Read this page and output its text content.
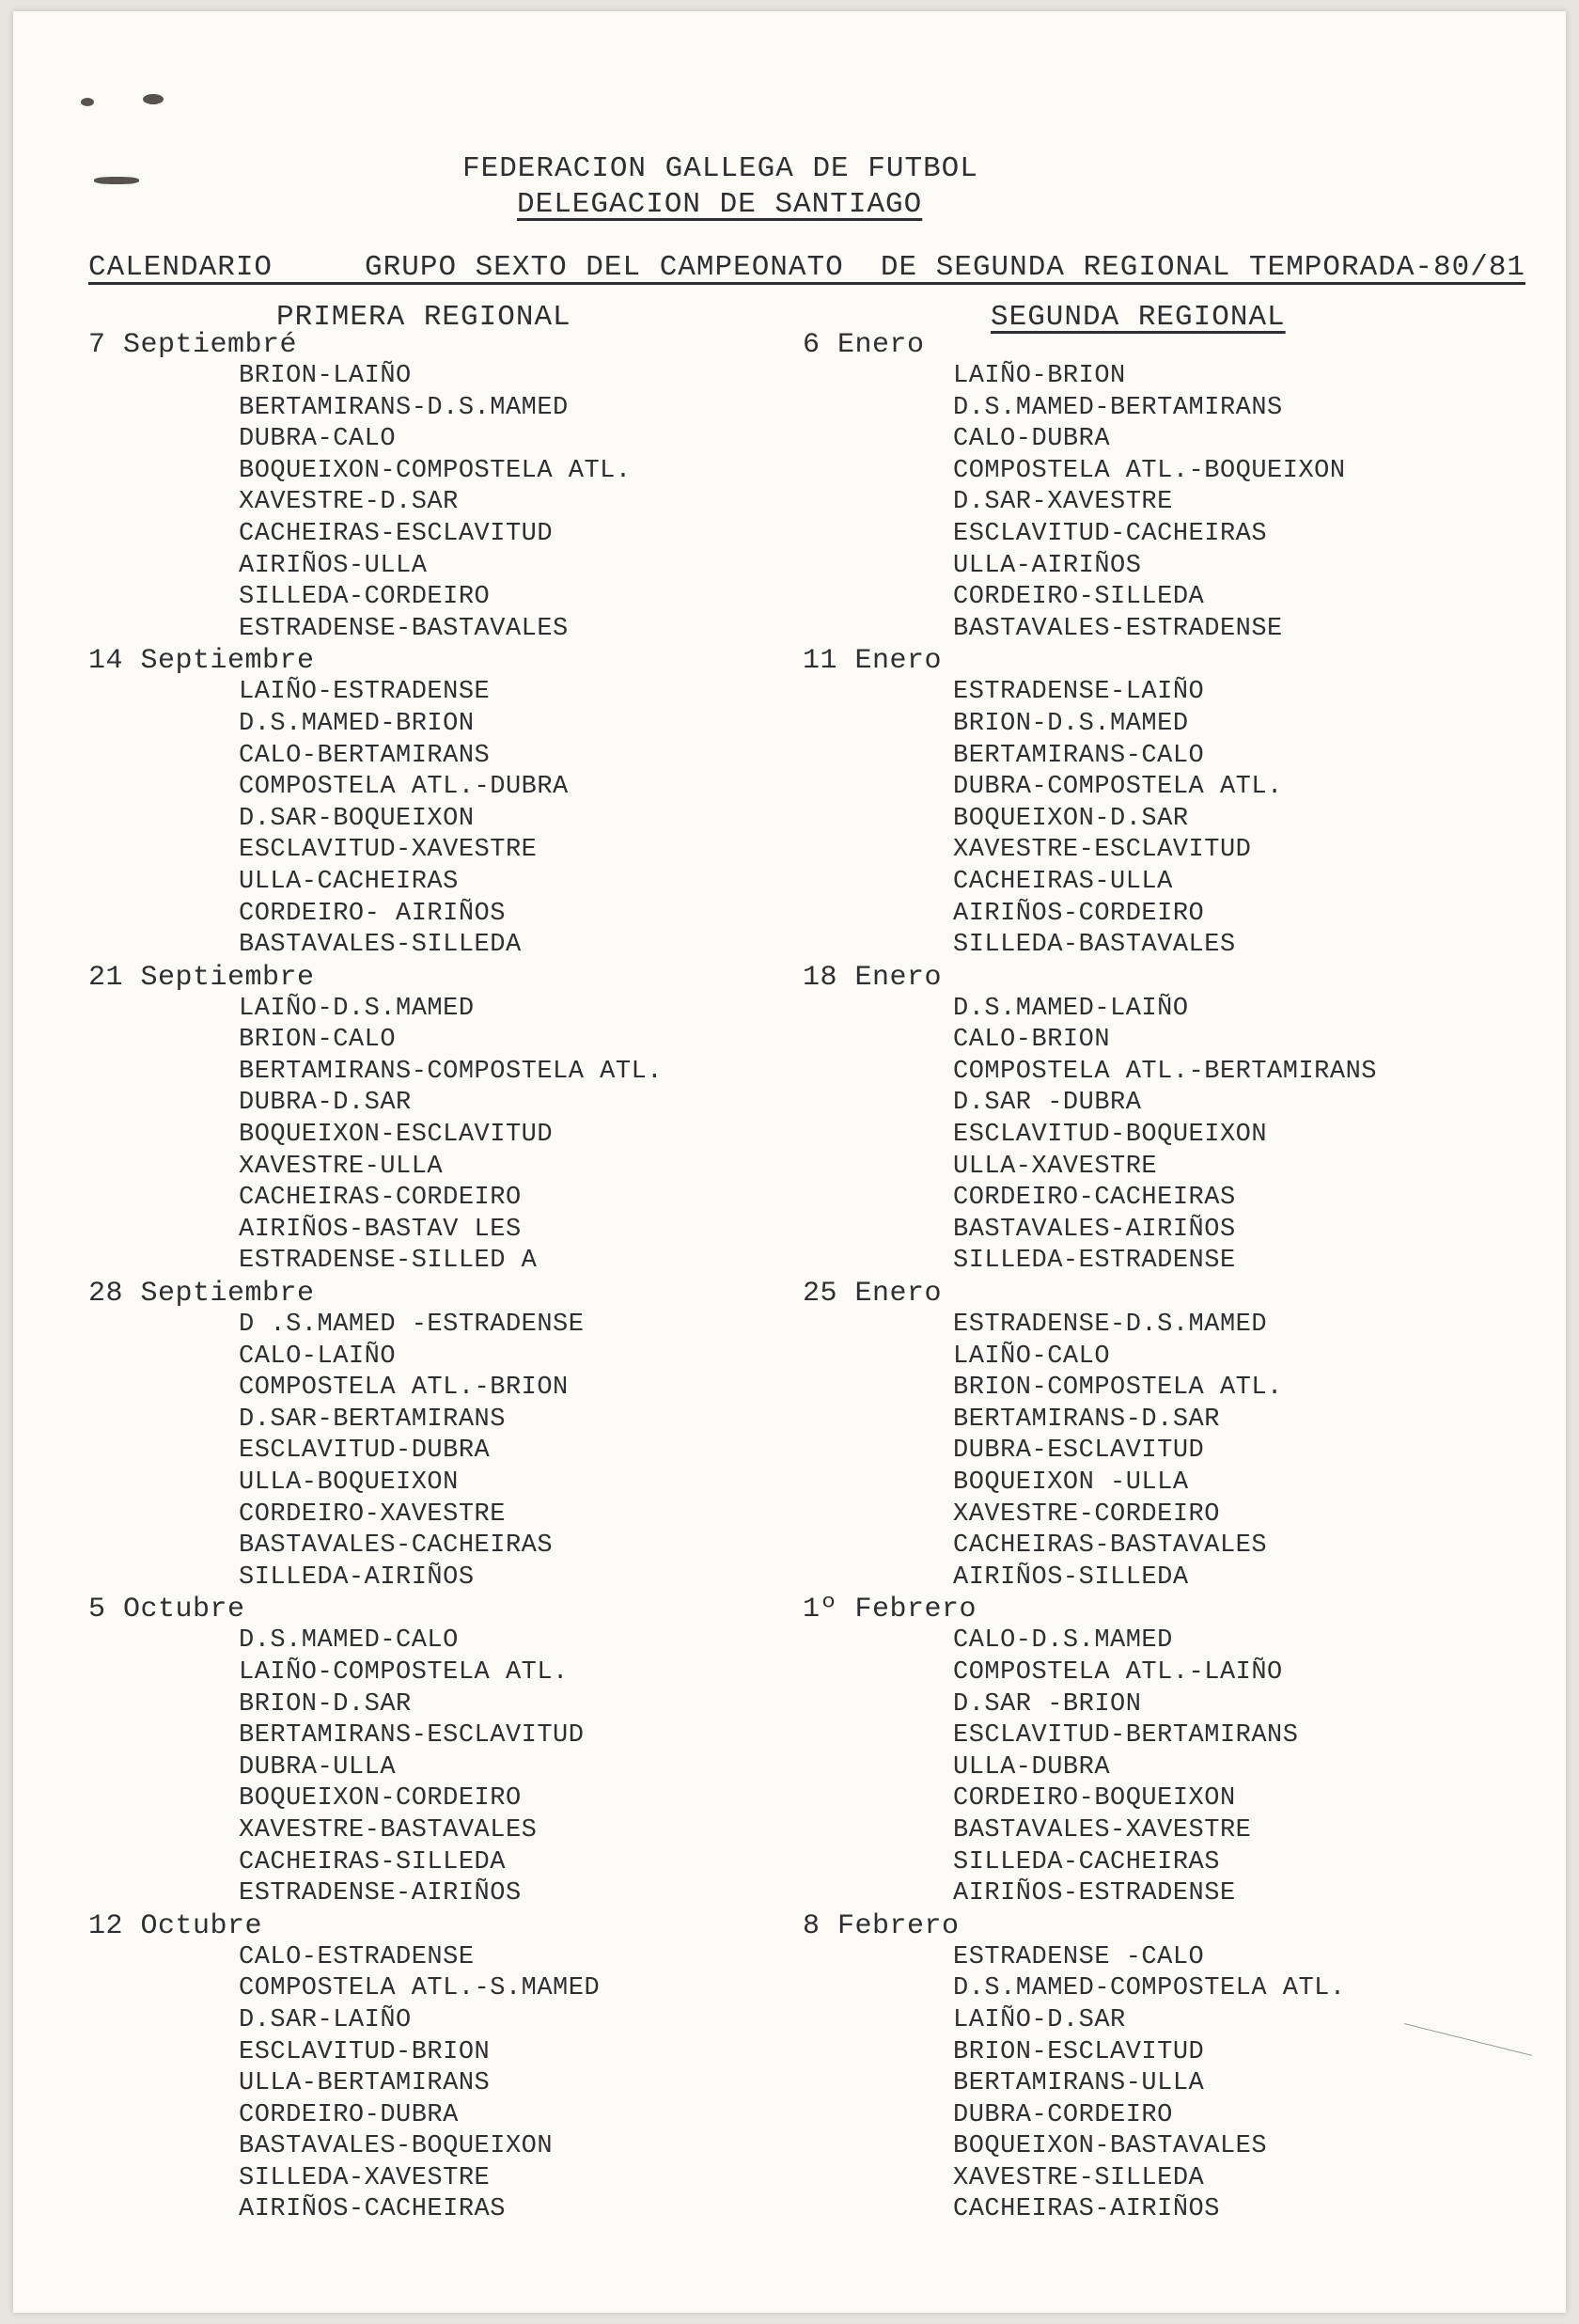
FEDERACION GALLEGA DE FUTBOL
DELEGACION DE SANTIAGO
CALENDARIO     GRUPO SEXTO DEL CAMPEONATO  DE SEGUNDA REGIONAL TEMPORADA-80/81
PRIMERA REGIONAL	SEGUNDA REGIONAL
7 Septiembré
BRION-LAIÑO
BERTAMIRANS-D.S.MAMED
DUBRA-CALO
BOQUEIXON-COMPOSTELA ATL.
XAVESTRE-D.SAR
CACHEIRAS-ESCLAVITUD
AIRIÑOS-ULLA
SILLEDA-CORDEIRO
ESTRADENSE-BASTAVALES
14 Septiembre
LAIÑO-ESTRADENSE
D.S.MAMED-BRION
CALO-BERTAMIRANS
COMPOSTELA ATL.-DUBRA
D.SAR-BOQUEIXON
ESCLAVITUD-XAVESTRE
ULLA-CACHEIRAS
CORDEIRO- AIRIÑOS
BASTAVALES-SILLEDA
21 Septiembre
LAIÑO-D.S.MAMED
BRION-CALO
BERTAMIRANS-COMPOSTELA ATL.
DUBRA-D.SAR
BOQUEIXON-ESCLAVITUD
XAVESTRE-ULLA
CACHEIRAS-CORDEIRO
AIRIÑOS-BASTAV LES
ESTRADENSE-SILLED A
28 Septiembre
D .S.MAMED -ESTRADENSE
CALO-LAIÑO
COMPOSTELA ATL.-BRION
D.SAR-BERTAMIRANS
ESCLAVITUD-DUBRA
ULLA-BOQUEIXON
CORDEIRO-XAVESTRE
BASTAVALES-CACHEIRAS
SILLEDA-AIRIÑOS
5 Octubre
D.S.MAMED-CALO
LAIÑO-COMPOSTELA ATL.
BRION-D.SAR
BERTAMIRANS-ESCLAVITUD
DUBRA-ULLA
BOQUEIXON-CORDEIRO
XAVESTRE-BASTAVALES
CACHEIRAS-SILLEDA
ESTRADENSE-AIRIÑOS
12 Octubre
CALO-ESTRADENSE
COMPOSTELA ATL.-S.MAMED
D.SAR-LAIÑO
ESCLAVITUD-BRION
ULLA-BERTAMIRANS
CORDEIRO-DUBRA
BASTAVALES-BOQUEIXON
SILLEDA-XAVESTRE
AIRIÑOS-CACHEIRAS
6 Enero
LAIÑO-BRION
D.S.MAMED-BERTAMIRANS
CALO-DUBRA
COMPOSTELA ATL.-BOQUEIXON
D.SAR-XAVESTRE
ESCLAVITUD-CACHEIRAS
ULLA-AIRIÑOS
CORDEIRO-SILLEDA
BASTAVALES-ESTRADENSE
11 Enero
ESTRADENSE-LAIÑO
BRION-D.S.MAMED
BERTAMIRANS-CALO
DUBRA-COMPOSTELA ATL.
BOQUEIXON-D.SAR
XAVESTRE-ESCLAVITUD
CACHEIRAS-ULLA
AIRIÑOS-CORDEIRO
SILLEDA-BASTAVALES
18 Enero
D.S.MAMED-LAIÑO
CALO-BRION
COMPOSTELA ATL.-BERTAMIRANS
D.SAR -DUBRA
ESCLAVITUD-BOQUEIXON
ULLA-XAVESTRE
CORDEIRO-CACHEIRAS
BASTAVALES-AIRIÑOS
SILLEDA-ESTRADENSE
25 Enero
ESTRADENSE-D.S.MAMED
LAIÑO-CALO
BRION-COMPOSTELA ATL.
BERTAMIRANS-D.SAR
DUBRA-ESCLAVITUD
BOQUEIXON -ULLA
XAVESTRE-CORDEIRO
CACHEIRAS-BASTAVALES
AIRIÑOS-SILLEDA
1º Febrero
CALO-D.S.MAMED
COMPOSTELA ATL.-LAIÑO
D.SAR -BRION
ESCLAVITUD-BERTAMIRANS
ULLA-DUBRA
CORDEIRO-BOQUEIXON
BASTAVALES-XAVESTRE
SILLEDA-CACHEIRAS
AIRIÑOS-ESTRADENSE
8 Febrero
ESTRADENSE -CALO
D.S.MAMED-COMPOSTELA ATL.
LAIÑO-D.SAR
BRION-ESCLAVITUD
BERTAMIRANS-ULLA
DUBRA-CORDEIRO
BOQUEIXON-BASTAVALES
XAVESTRE-SILLEDA
CACHEIRAS-AIRIÑOS
